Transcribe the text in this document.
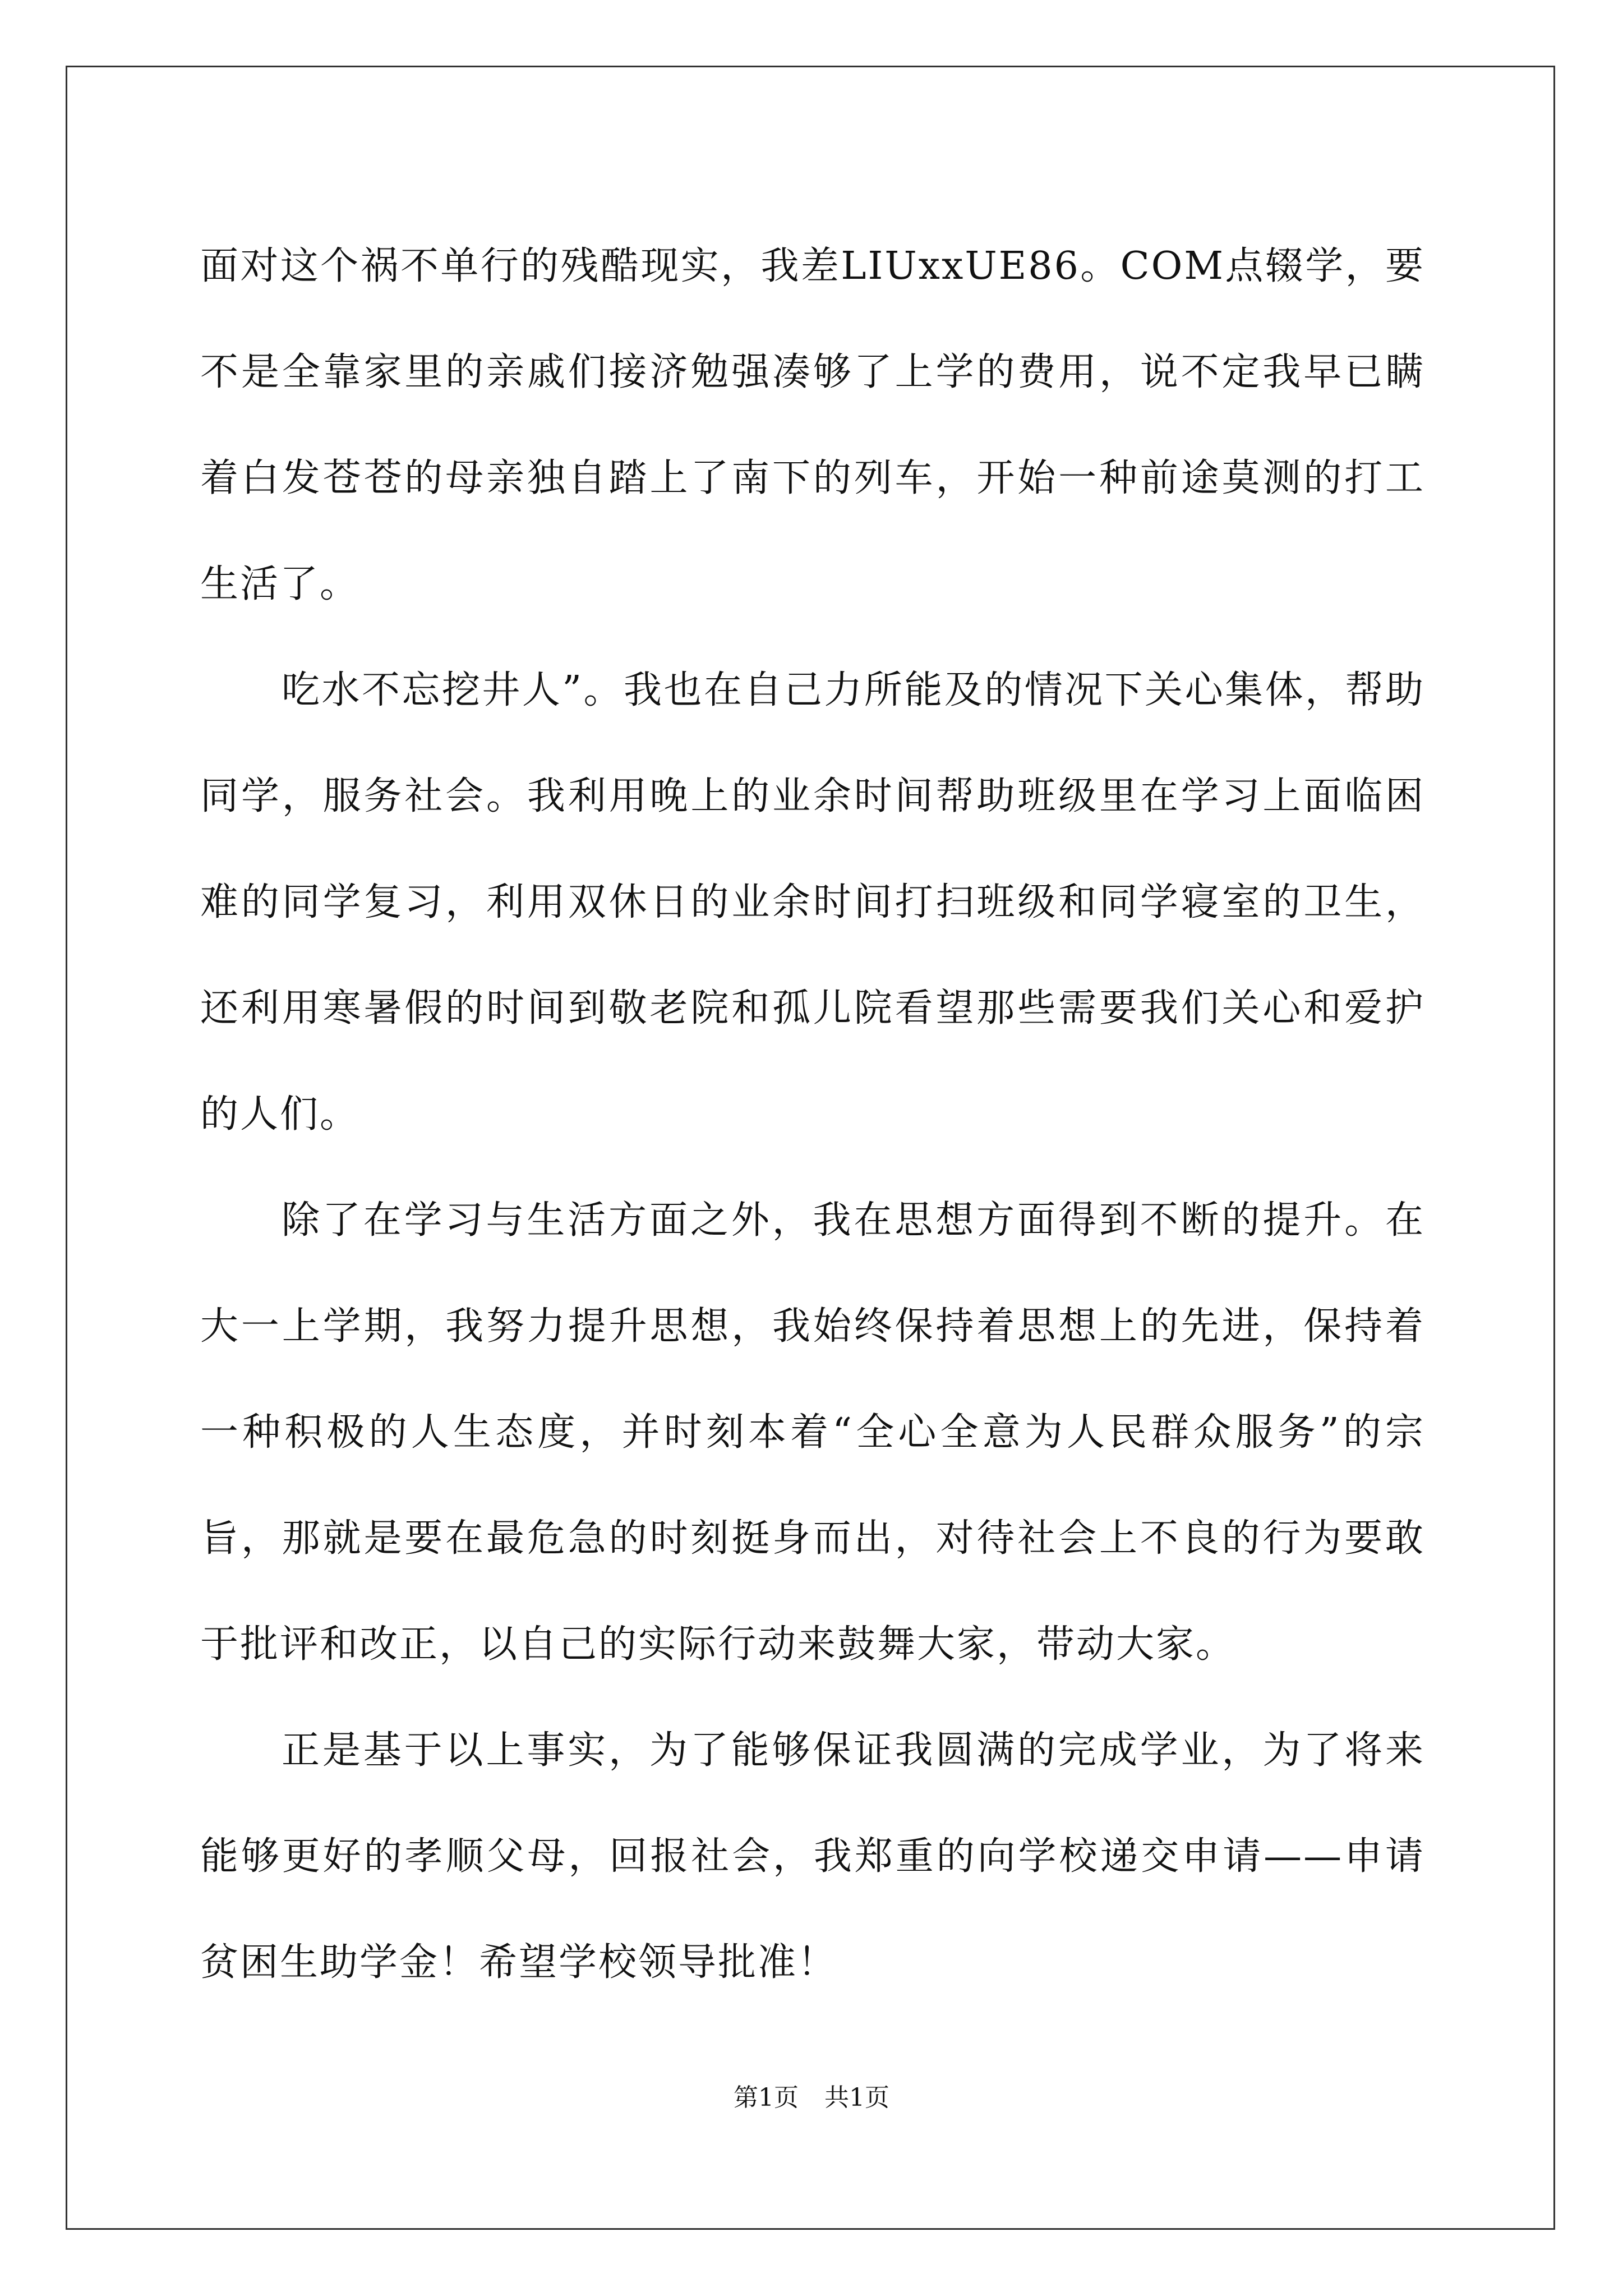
面对这个祸不单行的残酷现实，我差LIUxxUE86。COM点辍学，要不是全靠家里的亲戚们接济勉强凑够了上学的费用，说不定我早已瞒着白发苍苍的母亲独自踏上了南下的列车，开始一种前途莫测的打工生活了。

吃水不忘挖井人”。我也在自己力所能及的情况下关心集体，帮助同学，服务社会。我利用晚上的业余时间帮助班级里在学习上面临困难的同学复习，利用双休日的业余时间打扫班级和同学寝室的卫生，还利用寒暑假的时间到敬老院和孤儿院看望那些需要我们关心和爱护的人们。

除了在学习与生活方面之外，我在思想方面得到不断的提升。在大一上学期，我努力提升思想，我始终保持着思想上的先进，保持着一种积极的人生态度，并时刻本着“全心全意为人民群众服务”的宗旨，那就是要在最危急的时刻挺身而出，对待社会上不良的行为要敢于批评和改正，以自己的实际行动来鼓舞大家，带动大家。

正是基于以上事实，为了能够保证我圆满的完成学业，为了将来能够更好的孝顺父母，回报社会，我郑重的向学校递交申请——申请贫困生助学金！希望学校领导批准！

第1页 共1页
